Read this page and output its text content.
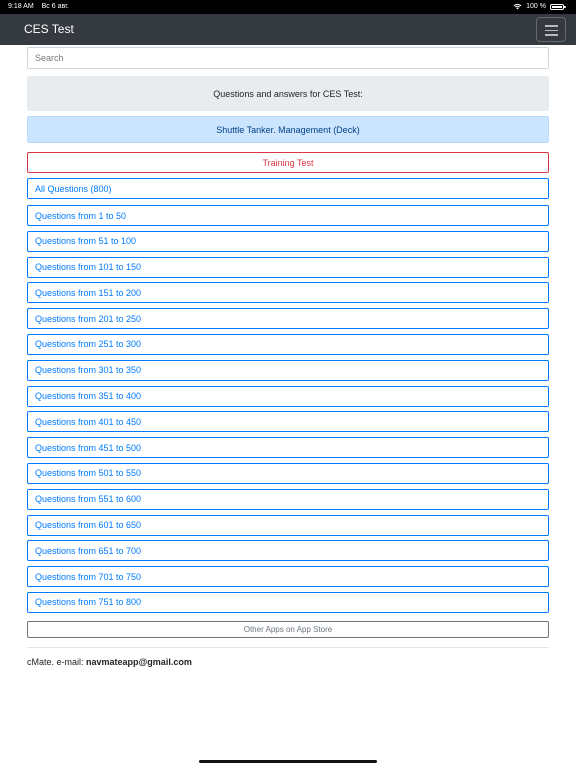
9:18 AM Вс 6 авг.	100 %
CES Test
Search
Questions and answers for CES Test:
Shuttle Tanker. Management (Deck)
Training Test
All Questions (800)
Questions from 1 to 50
Questions from 51 to 100
Questions from 101 to 150
Questions from 151 to 200
Questions from 201 to 250
Questions from 251 to 300
Questions from 301 to 350
Questions from 351 to 400
Questions from 401 to 450
Questions from 451 to 500
Questions from 501 to 550
Questions from 551 to 600
Questions from 601 to 650
Questions from 651 to 700
Questions from 701 to 750
Questions from 751 to 800
Other Apps on App Store
cMate. e-mail: navmateapp@gmail.com
